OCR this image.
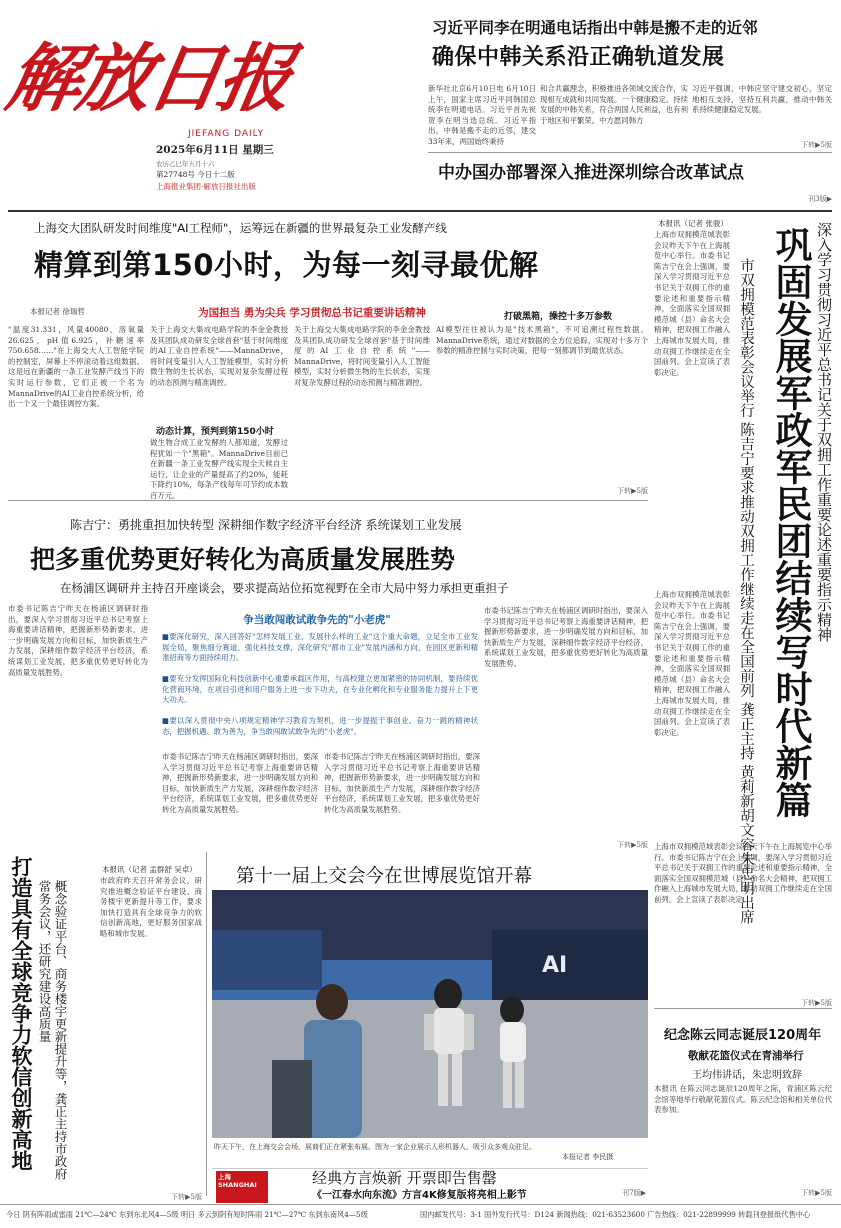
解放日报
JIEFANG DAILY
2025年6月11日 星期三
农历乙巳年五月十六
第27748号 今日十二版
上海报业集团·解放日报社出版
习近平同李在明通电话指出中韩是搬不走的近邻
确保中韩关系沿正确轨道发展
新华社北京6月10日电 6月10日上午，国家主席习近平同韩国总统李在明通电话。习近平首先祝贺李在明当选总统。习近平指出，中韩是搬不走的近邻，建交33年来，两国始终秉持
和合共赢理念，积极推进各领域交流合作，实现相互成就和共同发展。一个健康稳定、持续发展的中韩关系，符合两国人民利益，也有利于地区和平繁荣。中方愿同韩方
习近平强调，中韩应坚守建交初心，坚定地相互支持，坚持互利共赢，推动中韩关系持续健康稳定发展。
下转▶5版
中办国办部署深入推进深圳综合改革试点
刊3版▶
上海交大团队研发时间维度"AI工程师"，运筹远在新疆的世界最复杂工业发酵产线
精算到第150小时，为每一刻寻最优解
为国担当 勇为尖兵 学习贯彻总书记重要讲话精神
本报记者 徐瑞哲
"温度31.331，风量40080，溶氧量26.625，pH值6.925，补糖速率750.658……"在上海交大人工智能学院的控制室，屏幕上不停滚动着这组数据。这是远在新疆的一条工业发酵产线当下的实时运行参数，它们正被一个名为MannaDrive的AI工业自控系统分析，给出一个又一个最佳调控方案。
关于上海交大集成电路学院的李金金教授及其团队成功研发全球首套"基于时间维度的AI工业自控系统"——MannaDrive，将时间变量引入人工智能模型，实时分析微生物的生长状态，实现对复杂发酵过程的动态预测与精准调控。
动态计算，预判到第150小时
做生物合成工业发酵的人都知道，发酵过程犹如一个"黑箱"。MannaDrive目前已在新疆一条工业发酵产线实现全天候自主运行，让企业的产量提高了约20%，能耗下降约10%，每条产线每年可节约成本数百万元。
关于上海交大集成电路学院的李金金教授及其团队成功研发全球首套"基于时间维度的AI工业自控系统"——MannaDrive，将时间变量引入人工智能模型，实时分析微生物的生长状态，实现对复杂发酵过程的动态预测与精准调控。
打破黑箱，操控十多万参数
AI模型往往被认为是"技术黑箱"，不可追溯过程性数据。MannaDrive系统，通过对数据的全方位追踪，实现对十多万个参数的精准控制与实时决策，把每一刻都调节到最优状态。
下转▶5版
陈吉宁：勇挑重担加快转型 深耕细作数字经济平台经济 系统谋划工业发展
把多重优势更好转化为高质量发展胜势
在杨浦区调研并主持召开座谈会，要求提高站位拓宽视野在全市大局中努力承担更重担子
市委书记陈吉宁昨天在杨浦区调研时指出，要深入学习贯彻习近平总书记考察上海重要讲话精神，把握新形势新要求，进一步明确发展方向和目标，加快新质生产力发展，深耕细作数字经济平台经济，系统谋划工业发展，把多重优势更好转化为高质量发展胜势。
争当敢闯敢试敢争先的"小老虎"
■要深化研究，深入回答好"怎样发展工业、发展什么样的工业"这个重大命题，立足全市工业发展全局，聚焦细分赛道、强化科技支撑，深化研究"都市工业"发展内涵和方向，在园区更新和精准招商等方面持续用力。
■要充分发挥国际化科技创新中心重要承载区作用，与高校建立更加紧密的协同机制，要持续优化营商环境，在项目引进和用户服务上进一步下功夫，在专业化孵化和专业服务能力提升上下更大功夫。
■要以深入贯彻中央八项规定精神学习教育为契机，进一步提振干事创业、奋力一跳的精神状态，把握机遇、敢为善为，争当敢闯敢试敢争先的"小老虎"。
市委书记陈吉宁昨天在杨浦区调研时指出，要深入学习贯彻习近平总书记考察上海重要讲话精神，把握新形势新要求，进一步明确发展方向和目标，加快新质生产力发展，深耕细作数字经济平台经济，系统谋划工业发展，把多重优势更好转化为高质量发展胜势。
市委书记陈吉宁昨天在杨浦区调研时指出，要深入学习贯彻习近平总书记考察上海重要讲话精神，把握新形势新要求，进一步明确发展方向和目标，加快新质生产力发展，深耕细作数字经济平台经济，系统谋划工业发展，把多重优势更好转化为高质量发展胜势。
市委书记陈吉宁昨天在杨浦区调研时指出，要深入学习贯彻习近平总书记考察上海重要讲话精神，把握新形势新要求，进一步明确发展方向和目标，加快新质生产力发展，深耕细作数字经济平台经济，系统谋划工业发展，把多重优势更好转化为高质量发展胜势。
下转▶5版
深入学习贯彻习近平总书记关于双拥工作重要论述重要指示精神
巩固发展军政军民团结续写时代新篇
市双拥模范表彰会议举行 陈吉宁要求推动双拥工作继续走在全国前列 龚正主持 黄莉新胡文容朱忠明出席
本报讯（记者 张骏）
上海市双拥模范城表彰会议昨天下午在上海展览中心举行。市委书记陈吉宁在会上强调，要深入学习贯彻习近平总书记关于双拥工作的重要论述和重要指示精神，全面落实全国双拥模范城（县）命名大会精神，把双拥工作融入上海城市发展大局，推动双拥工作继续走在全国前列。会上宣读了表彰决定。
上海市双拥模范城表彰会议昨天下午在上海展览中心举行。市委书记陈吉宁在会上强调，要深入学习贯彻习近平总书记关于双拥工作的重要论述和重要指示精神，全面落实全国双拥模范城（县）命名大会精神，把双拥工作融入上海城市发展大局，推动双拥工作继续走在全国前列。会上宣读了表彰决定。
上海市双拥模范城表彰会议昨天下午在上海展览中心举行。市委书记陈吉宁在会上强调，要深入学习贯彻习近平总书记关于双拥工作的重要论述和重要指示精神，全面落实全国双拥模范城（县）命名大会精神，把双拥工作融入上海城市发展大局，推动双拥工作继续走在全国前列。会上宣读了表彰决定。
下转▶5版
打造具有全球竞争力软信创新高地	概念验证平台、商务楼宇更新提升等，龚正主持市政府常务会议，还研究建设高质量
本报讯（记者 孟群舒 吴卓）
市政府昨天召开常务会议，研究推进概念验证平台建设、商务楼宇更新提升等工作，要求加快打造具有全球竞争力的软信创新高地，更好服务国家战略和城市发展。
下转▶5版
第十一届上交会今在世博展览馆开幕
AI
昨天下午，在上海交会会场，展商们正在紧张布展。图为一家企业展示人形机器人，吸引众多观众驻足。
本报记者 李民摄
纪念陈云同志诞辰120周年
敬献花篮仪式在青浦举行
王均伟讲话，朱忠明致辞
本报讯 在陈云同志诞辰120周年之际，青浦区陈云纪念馆等地举行敬献花篮仪式。陈云纪念馆和相关单位代表参加。
下转▶5版
上海 SHANGHAI	经典方言焕新 开票即告售罄
《一江春水向东流》方言4K修复版将亮相上影节	刊7版▶
今日 阴有阵雨或雷雨 21℃—24℃ 东到东北风4—5级 明日 多云到阴有短时阵雨 21℃—27℃ 东到东南风4—5级	国内邮发代号：3-1 国外发行代号：D124 新闻热线：021-63523600 广告热线：021-22899999 转载刊登报纸代售中心
